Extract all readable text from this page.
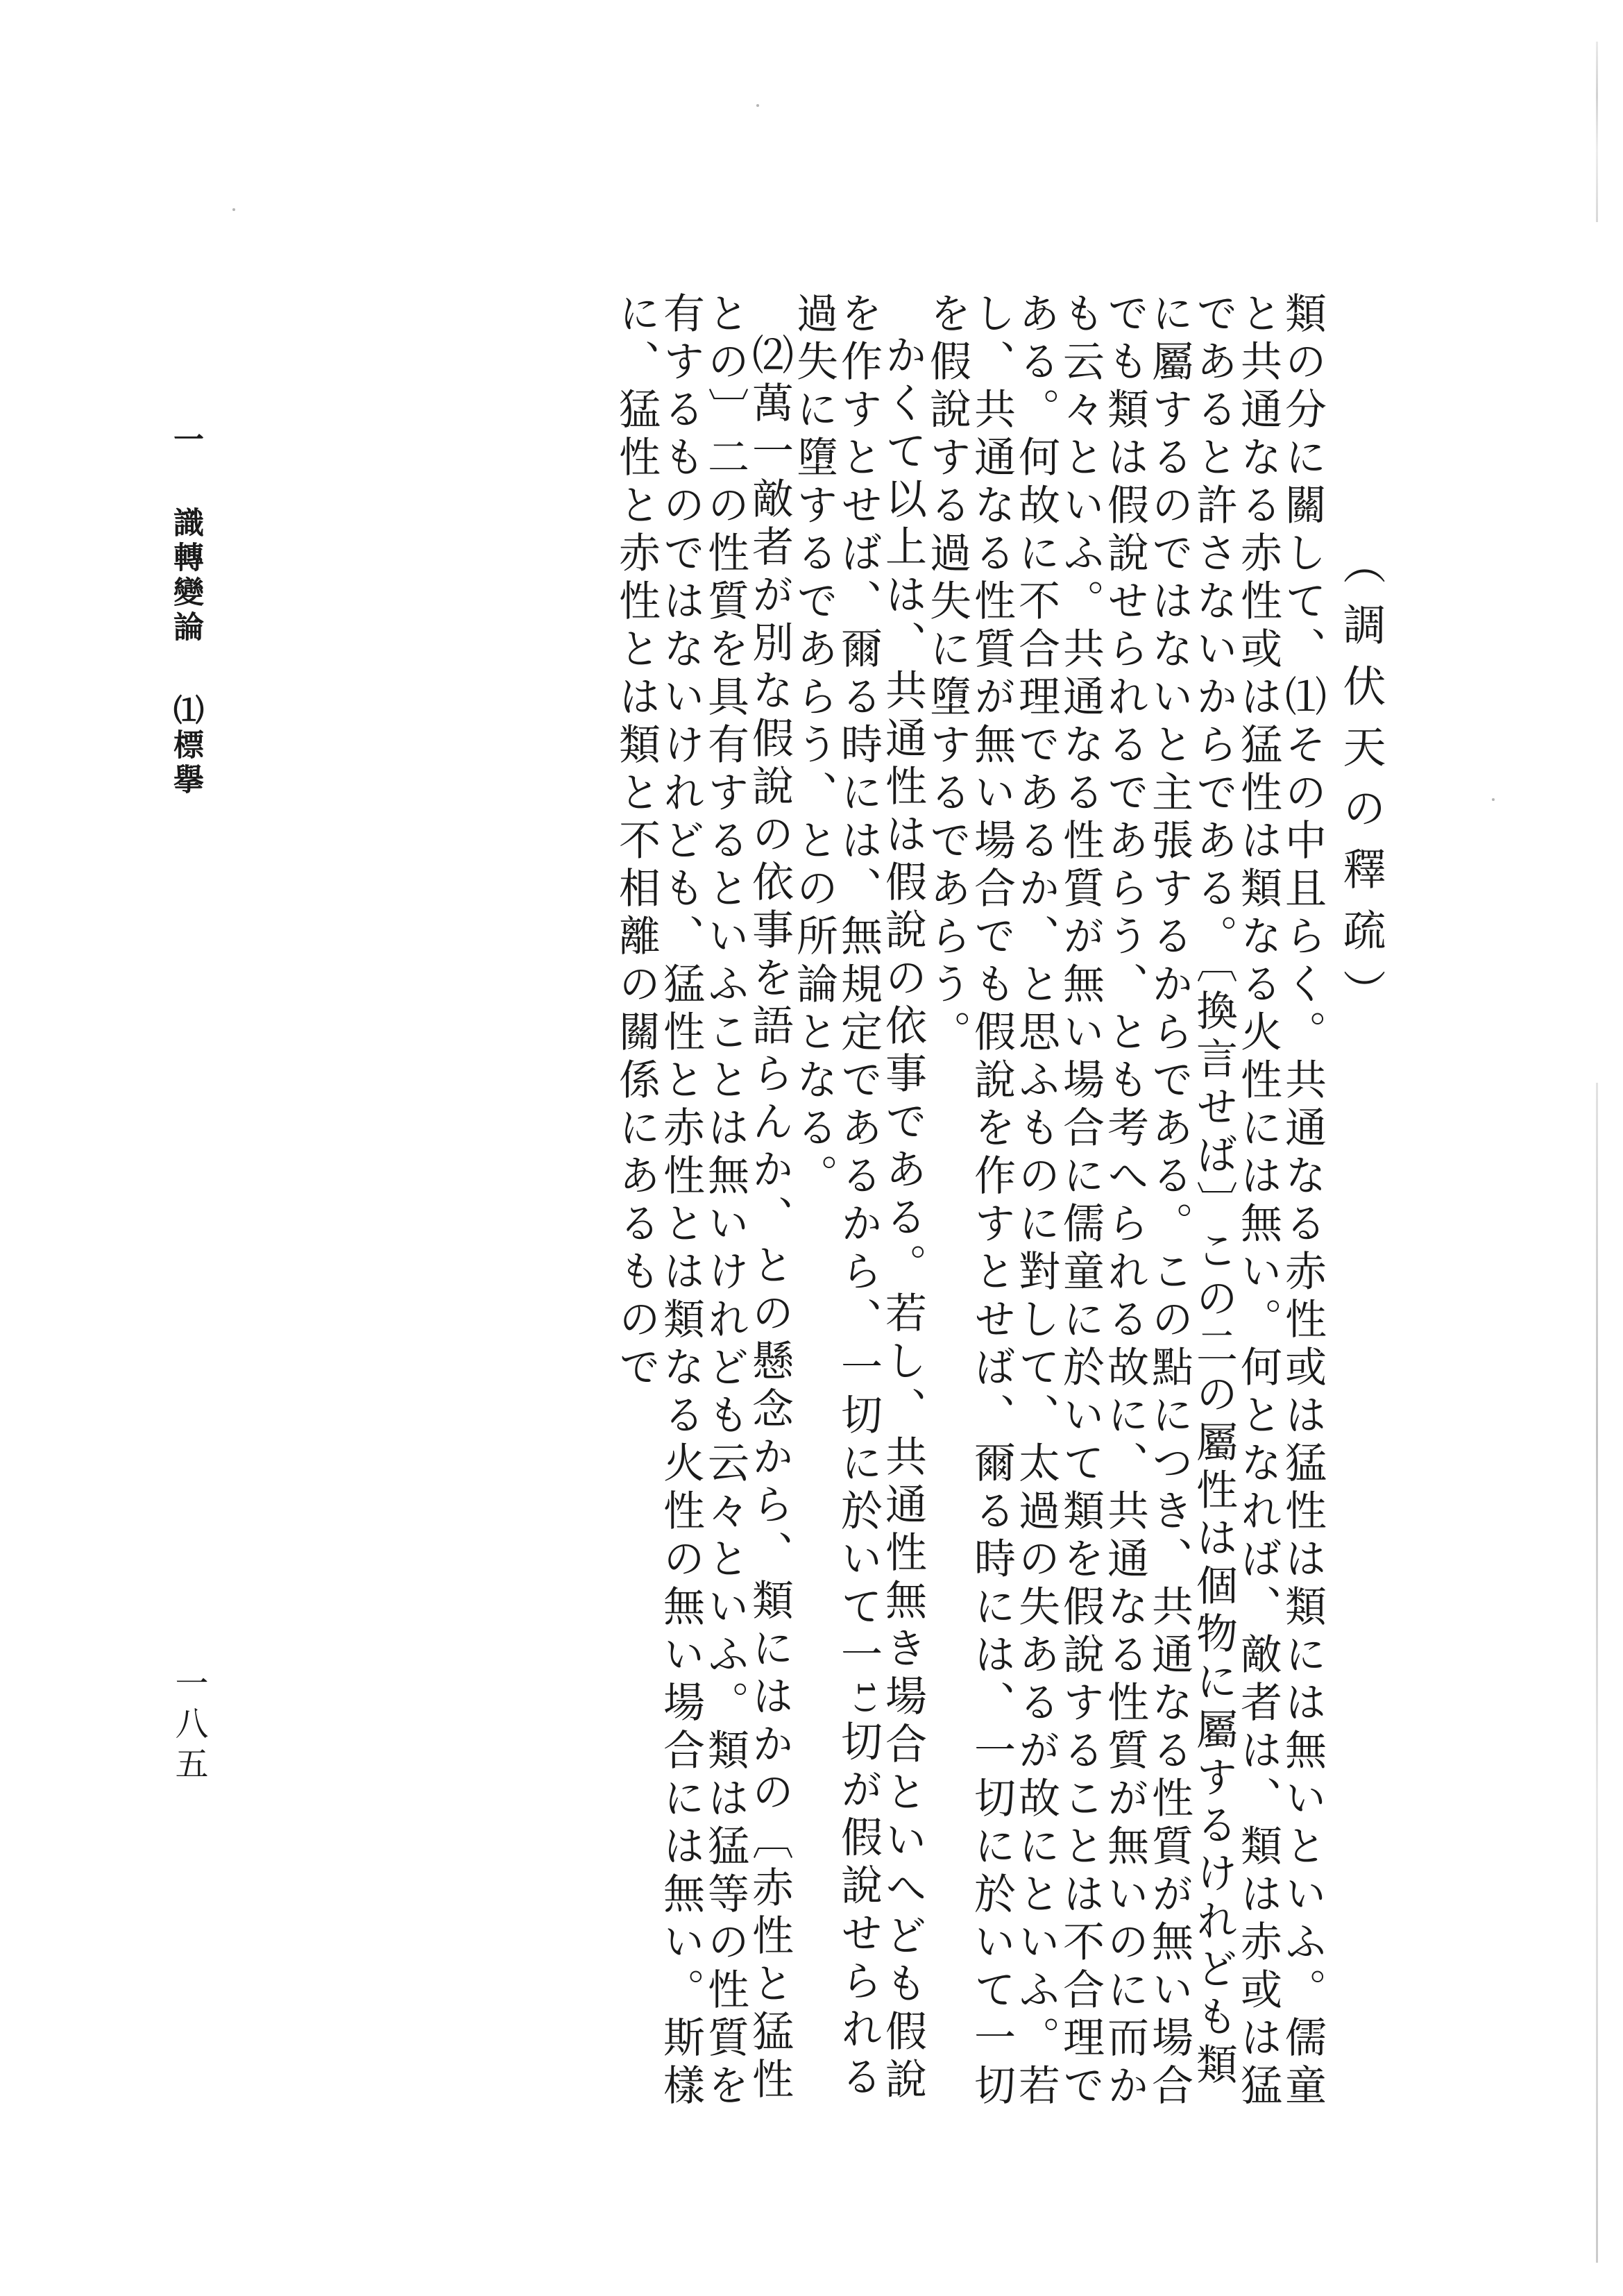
（調伏天の釋疏）

類の分に關して、⑴その中且らく。共通なる赤性或は猛性は類には無いといふ。儒童と共通なる赤性或は猛性は類なる火性には無い。何となれば、敵者は、類は赤或は猛であると許さないからである。〔換言せば〕この二の屬性は個物に屬するけれども類に屬するのではないと主張するからである。この點につき、共通なる性質が無い場合でも類は假說せられるであらう、とも考へられる故に、共通なる性質が無いのに而かも云々といふ。共通なる性質が無い場合に儒童に於いて類を假說することは不合理である。何故に不合理であるか、と思ふものに對して、太過の失あるが故にといふ。若し、共通なる性質が無い場合でも假說を作すとせば、爾る時には、一切に於いて一切を假說する過失に墮するであらう。

かくて以上は、共通性は假說の依事である。若し、共通性無き場合といへども假說を作すとせば、爾る時には、無規定であるから、一切に於いて一¹⁾切が假說せられる過失に墮するであらう、との所論となる。

⑵萬一敵者が別な假說の依事を語らんか、との懸念から、類にはかの〔赤性と猛性との〕二の性質を具有するといふことは無いけれども云々といふ。類は猛等の性質を有するものではないけれども、猛性と赤性とは類なる火性の無い場合には無い。斯樣に、猛性と赤性とは類と不相離の關係にあるもので

一識轉變論⑴標擧
一八五
